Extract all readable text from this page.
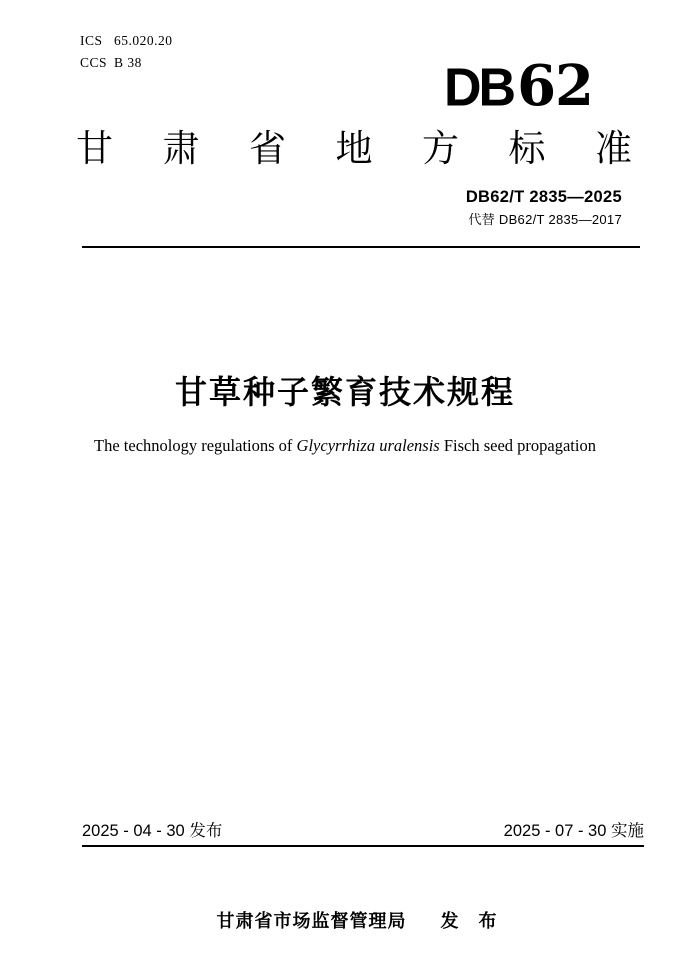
ICS 65.020.20
CCS B 38	DB62
甘 肃 省 地 方 标 准
DB62/T 2835—2025
代替 DB62/T 2835—2017
甘草种子繁育技术规程
The technology regulations of Glycyrrhiza uralensis Fisch seed propagation
2025 - 04 - 30 发布	2025 - 07 - 30 实施

甘肃省市场监督管理局 发　布
